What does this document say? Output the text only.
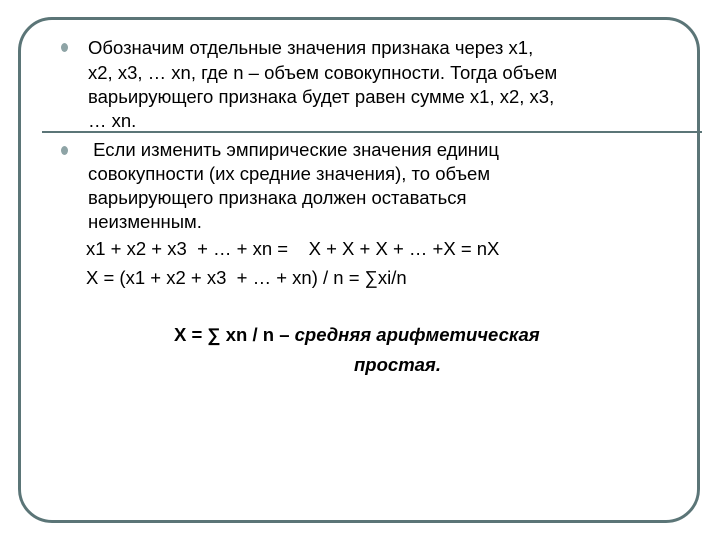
Обозначим отдельные значения признака через х1,
х2, х3, … хn, где n – объем совокупности. Тогда объем
варьирующего признака будет равен сумме х1, х2, х3,
… хn.
Если изменить эмпирические значения единиц
совокупности (их средние значения), то объем
варьирующего признака должен оставаться
неизменным.
х1 + х2 + х3  + … + хn =    Х + Х + Х + … +Х = nХ
Х = (х1 + х2 + х3  + … + хn) / n = ∑хi/n
Х = ∑ хn / n – средняя арифметическая
простая.
